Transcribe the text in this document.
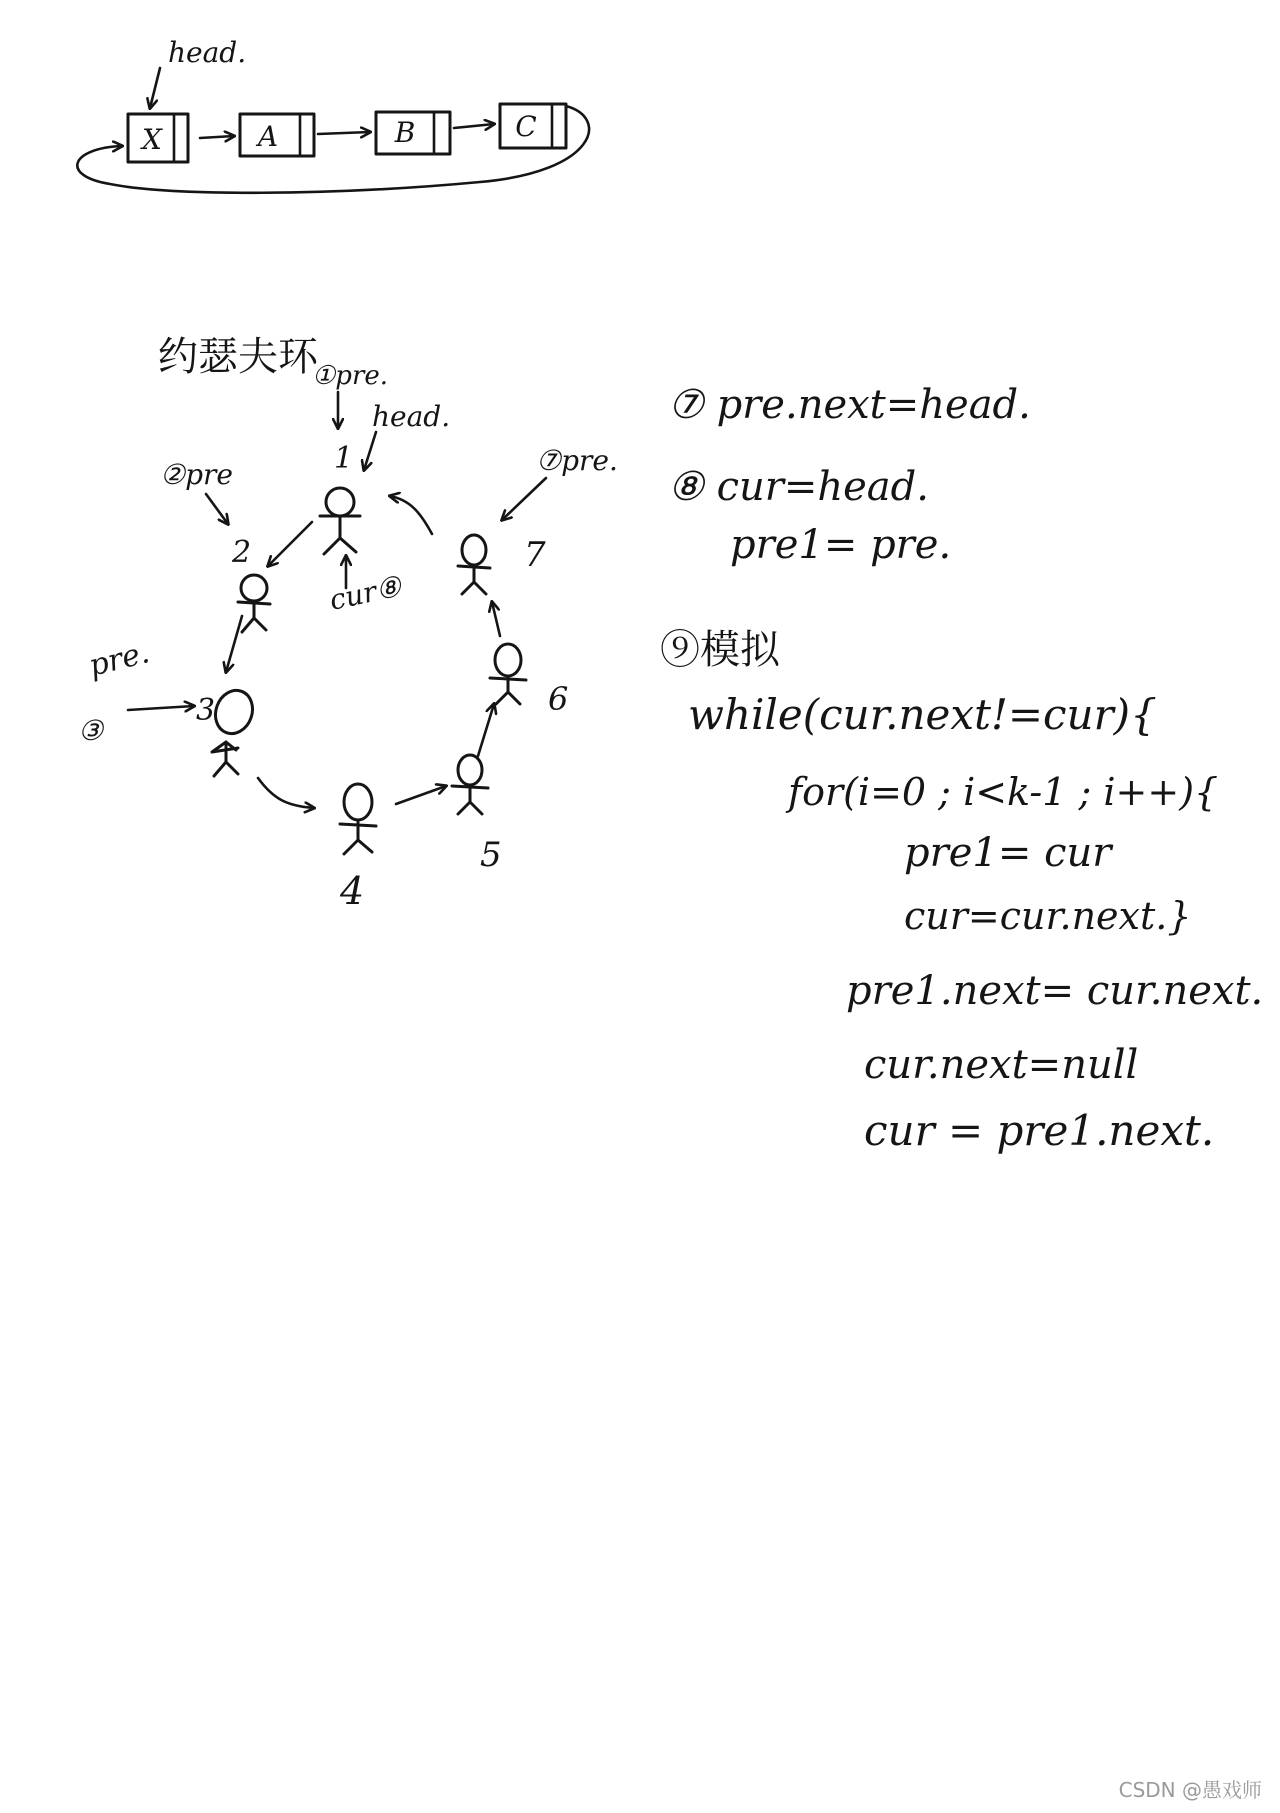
head.
X	A	B	C
约瑟夫环
①pre.
head.
②pre	⑦pre.
pre.
③
cur⑧
1
2
3
4
5
6
7
⑦ pre.next=head.
⑧ cur=head.
pre1= pre.
⑨模拟
while(cur.next!=cur){
for(i=0 ; i<k-1 ; i++){
pre1= cur
cur=cur.next.}
pre1.next= cur.next.
cur.next=null
cur = pre1.next.
CSDN @愚戏师
